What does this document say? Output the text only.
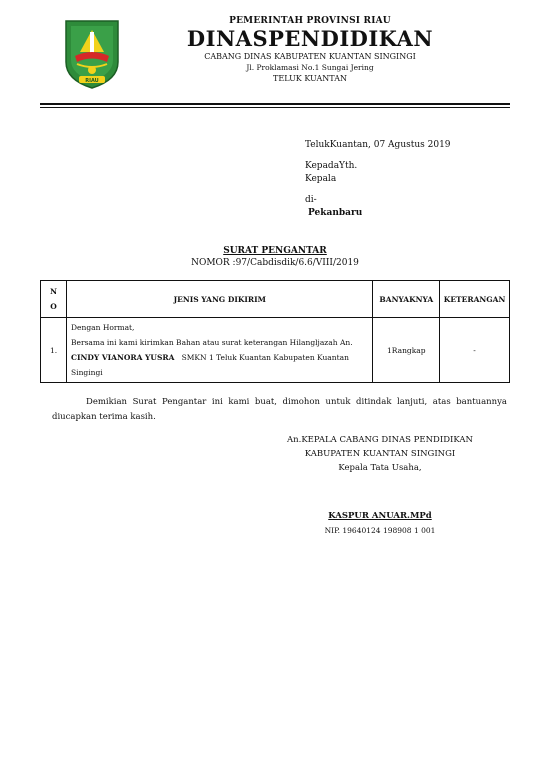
RIAU
PEMERINTAH PROVINSI RIAU
DINASPENDIDIKAN
CABANG DINAS KABUPATEN KUANTAN SINGINGI
Jl. Proklamasi No.1 Sungai Jering
TELUK KUANTAN
TelukKuantan, 07 Agustus 2019
KepadaYth.
Kepala
di-
Pekanbaru
SURAT PENGANTAR
NOMOR :97/Cabdisdik/6.6/VIII/2019
N
O	JENIS YANG DIKIRIM	BANYAKNYA	KETERANGAN
1.	Dengan Hormat,
Bersama ini kami kirimkan Bahan atau surat keterangan Hilangljazah An.
CINDY VIANORA YUSRA   SMKN 1 Teluk Kuantan Kabupaten Kuantan
Singingi	1Rangkap	-
Demikian Surat Pengantar ini kami buat, dimohon untuk ditindak lanjuti, atas bantuannya diucapkan terima kasih.
An.KEPALA CABANG DINAS PENDIDIKAN
KABUPATEN KUANTAN SINGINGI
Kepala Tata Usaha,
KASPUR ANUAR.MPd
NIP. 19640124 198908 1 001
